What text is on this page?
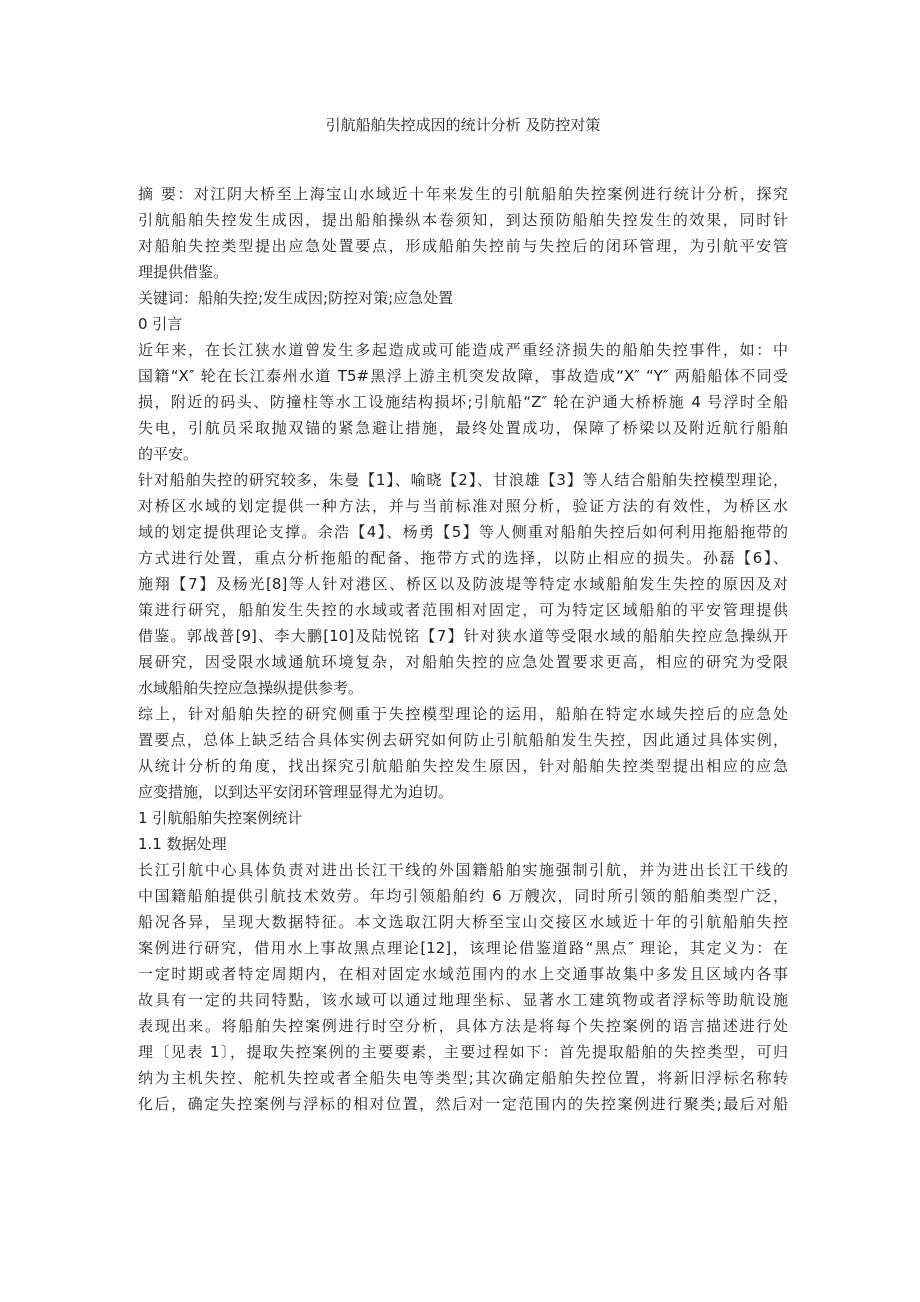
引航船舶失控成因的统计分析 及防控对策
摘 要：对江阴大桥至上海宝山水域近十年来发生的引航船舶失控案例进行统计分析，探究
引航船舶失控发生成因，提出船舶操纵本卷须知，到达预防船舶失控发生的效果，同时针
对船舶失控类型提出应急处置要点，形成船舶失控前与失控后的闭环管理，为引航平安管
理提供借鉴。
关键词：船舶失控;发生成因;防控对策;应急处置
0 引言
近年来，在长江狭水道曾发生多起造成或可能造成严重经济损失的船舶失控事件，如：中
国籍“X″ 轮在长江泰州水道 T5#黑浮上游主机突发故障，事故造成“X″ “Y″ 两船船体不同受
损，附近的码头、防撞柱等水工设施结构损坏;引航船“Z″ 轮在沪通大桥桥施 4 号浮时全船
失电，引航员采取抛双锚的紧急避让措施，最终处置成功，保障了桥梁以及附近航行船舶
的平安。
针对船舶失控的研究较多，朱曼【1】、喻晓【2】、甘浪雄【3】等人结合船舶失控模型理论，
对桥区水域的划定提供一种方法，并与当前标准对照分析，验证方法的有效性，为桥区水
域的划定提供理论支撑。余浩【4】、杨勇【5】等人侧重对船舶失控后如何利用拖船拖带的
方式进行处置，重点分析拖船的配备、拖带方式的选择，以防止相应的损失。孙磊【6】、
施翔【7】及杨光[8]等人针对港区、桥区以及防波堤等特定水域船舶发生失控的原因及对
策进行研究，船舶发生失控的水域或者范围相对固定，可为特定区域船舶的平安管理提供
借鉴。郭战普[9]、李大鹏[10]及陆悦铭【7】针对狭水道等受限水域的船舶失控应急操纵开
展研究，因受限水域通航环境复杂，对船舶失控的应急处置要求更高，相应的研究为受限
水域船舶失控应急操纵提供参考。
综上，针对船舶失控的研究侧重于失控模型理论的运用，船舶在特定水域失控后的应急处
置要点，总体上缺乏结合具体实例去研究如何防止引航船舶发生失控，因此通过具体实例，
从统计分析的角度，找出探究引航船舶失控发生原因，针对船舶失控类型提出相应的应急
应变措施，以到达平安闭环管理显得尤为迫切。
1 引航船舶失控案例统计
1.1 数据处理
长江引航中心具体负责对进出长江干线的外国籍船舶实施强制引航，并为进出长江干线的
中国籍船舶提供引航技术效劳。年均引领船舶约 6 万艘次，同时所引领的船舶类型广泛，
船况各异，呈现大数据特征。本文选取江阴大桥至宝山交接区水域近十年的引航船舶失控
案例进行研究，借用水上事故黑点理论[12]，该理论借鉴道路“黑点″ 理论，其定义为：在
一定时期或者特定周期内，在相对固定水域范围内的水上交通事故集中多发且区域内各事
故具有一定的共同特點，该水域可以通过地理坐标、显著水工建筑物或者浮标等助航设施
表现出来。将船舶失控案例进行时空分析，具体方法是将每个失控案例的语言描述进行处
理〔见表 1〕，提取失控案例的主要要素，主要过程如下：首先提取船舶的失控类型，可归
纳为主机失控、舵机失控或者全船失电等类型;其次确定船舶失控位置，将新旧浮标名称转
化后，确定失控案例与浮标的相对位置，然后对一定范围内的失控案例进行聚类;最后对船
